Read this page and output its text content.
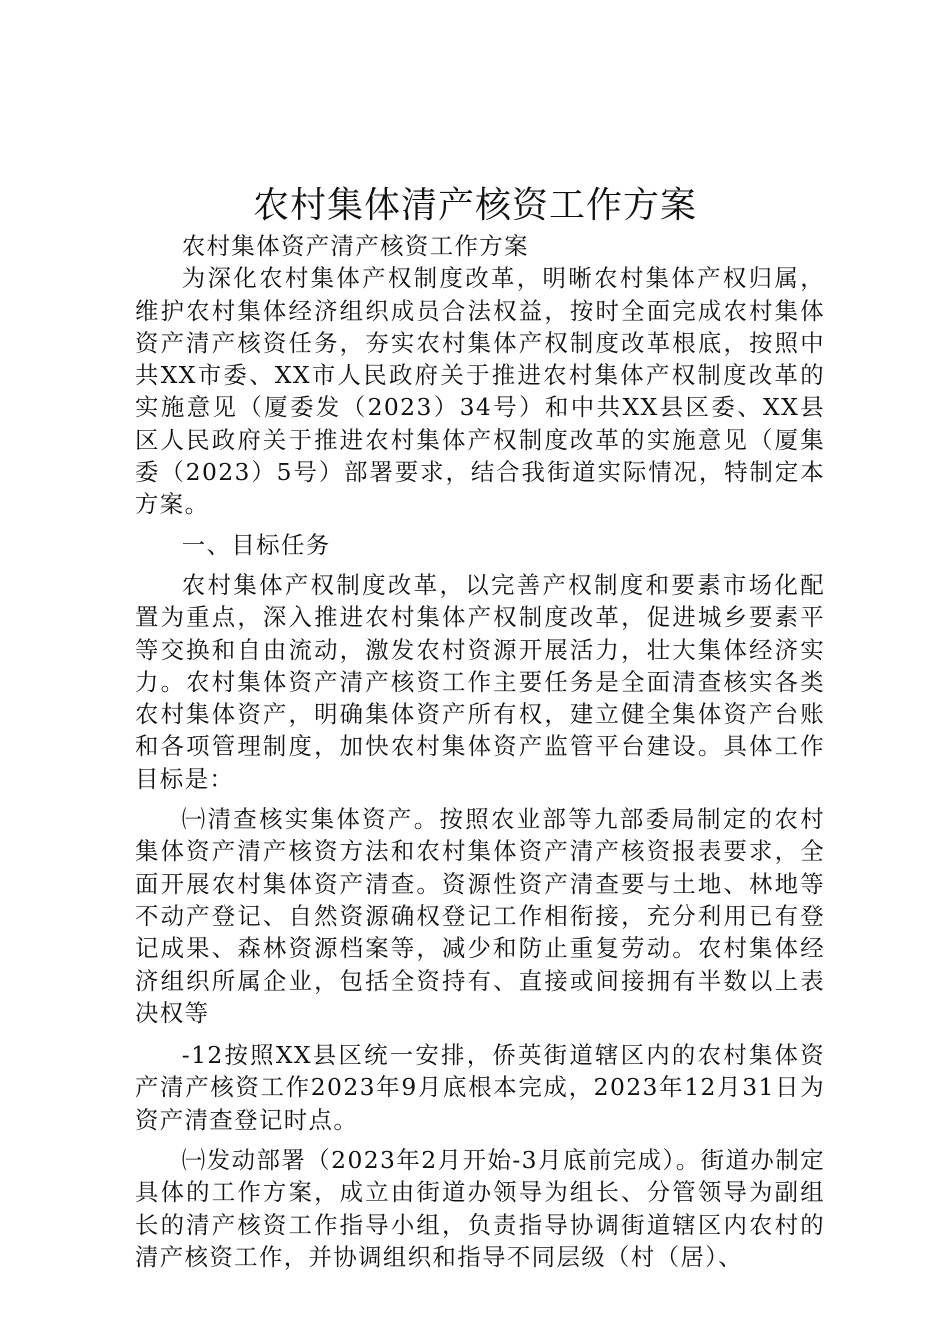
农村集体清产核资工作方案

农村集体资产清产核资工作方案

为深化农村集体产权制度改革，明晰农村集体产权归属，维护农村集体经济组织成员合法权益，按时全面完成农村集体资产清产核资任务，夯实农村集体产权制度改革根底，按照中共XX市委、XX市人民政府关于推进农村集体产权制度改革的实施意见（厦委发（2023）34号）和中共XX县区委、XX县区人民政府关于推进农村集体产权制度改革的实施意见（厦集委（2023）5号）部署要求，结合我街道实际情况，特制定本方案。

一、目标任务

农村集体产权制度改革，以完善产权制度和要素市场化配置为重点，深入推进农村集体产权制度改革，促进城乡要素平等交换和自由流动，激发农村资源开展活力，壮大集体经济实力。农村集体资产清产核资工作主要任务是全面清查核实各类农村集体资产，明确集体资产所有权，建立健全集体资产台账和各项管理制度，加快农村集体资产监管平台建设。具体工作目标是：

㈠清查核实集体资产。按照农业部等九部委局制定的农村集体资产清产核资方法和农村集体资产清产核资报表要求，全面开展农村集体资产清查。资源性资产清查要与土地、林地等不动产登记、自然资源确权登记工作相衔接，充分利用已有登记成果、森林资源档案等，减少和防止重复劳动。农村集体经济组织所属企业，包括全资持有、直接或间接拥有半数以上表决权等

-12按照XX县区统一安排，侨英街道辖区内的农村集体资产清产核资工作2023年9月底根本完成，2023年12月31日为资产清查登记时点。

㈠发动部署（2023年2月开始-3月底前完成）。街道办制定具体的工作方案，成立由街道办领导为组长、分管领导为副组长的清产核资工作指导小组，负责指导协调街道辖区内农村的清产核资工作，并协调组织和指导不同层级（村（居）、
